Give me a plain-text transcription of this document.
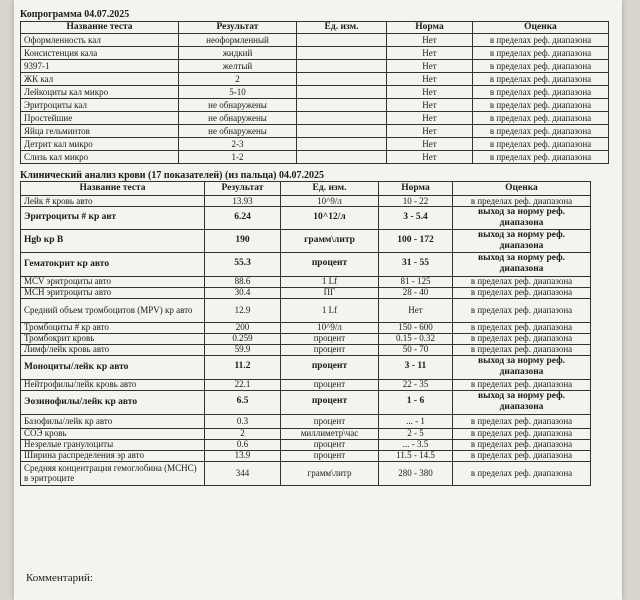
Копрограмма 04.07.2025
Название теста	Результат	Ед. изм.	Норма	Оценка
Оформленность кал	неоформленный		Нет	в пределах реф. диапазона
Консистенция кала	жидкий		Нет	в пределах реф. диапазона
9397-1	желтый		Нет	в пределах реф. диапазона
ЖК кал	2		Нет	в пределах реф. диапазона
Лейкоциты кал микро	5-10		Нет	в пределах реф. диапазона
Эритроциты кал	не обнаружены		Нет	в пределах реф. диапазона
Простейшие	не обнаружены		Нет	в пределах реф. диапазона
Яйца гельминтов	не обнаружены		Нет	в пределах реф. диапазона
Детрит кал микро	2-3		Нет	в пределах реф. диапазона
Слизь кал микро	1-2		Нет	в пределах реф. диапазона
Клинический анализ крови (17 показателей) (из пальца) 04.07.2025
Название теста	Результат	Ед. изм.	Норма	Оценка
Лейк # кровь авто	13.93	10^9/л	10 - 22	в пределах реф. диапазона
Эритроциты # кр авт	6.24	10^12/л	3 - 5.4	выход за норму реф. диапазона
Hgb кр В	190	грамм\литр	100 - 172	выход за норму реф. диапазона
Гематокрит кр авто	55.3	процент	31 - 55	выход за норму реф. диапазона
MCV эритроциты авто	88.6	1 Lf	81 - 125	в пределах реф. диапазона
MCH эритроциты авто	30.4	ПГ	28 - 40	в пределах реф. диапазона
Средний объем тромбоцитов (MPV) кр авто	12.9	1 Lf	Нет	в пределах реф. диапазона
Тромбоциты # кр авто	200	10^9/л	150 - 600	в пределах реф. диапазона
Тромбокрит кровь	0.259	процент	0.15 - 0.32	в пределах реф. диапазона
Лимф/лейк кровь авто	59.9	процент	50 - 70	в пределах реф. диапазона
Моноциты/лейк кр авто	11.2	процент	3 - 11	выход за норму реф. диапазона
Нейтрофилы/лейк кровь авто	22.1	процент	22 - 35	в пределах реф. диапазона
Эозинофилы/лейк кр авто	6.5	процент	1 - 6	выход за норму реф. диапазона
Базофилы/лейк кр авто	0.3	процент	... - 1	в пределах реф. диапазона
СОЭ кровь	2	миллиметр\час	2 - 5	в пределах реф. диапазона
Незрелые гранулоциты	0.6	процент	... - 3.5	в пределах реф. диапазона
Ширина распределения эр авто	13.9	процент	11.5 - 14.5	в пределах реф. диапазона
Средняя концентрация гемоглобина (MCHC) в эритроците	344	грамм\литр	280 - 380	в пределах реф. диапазона
Комментарий:
